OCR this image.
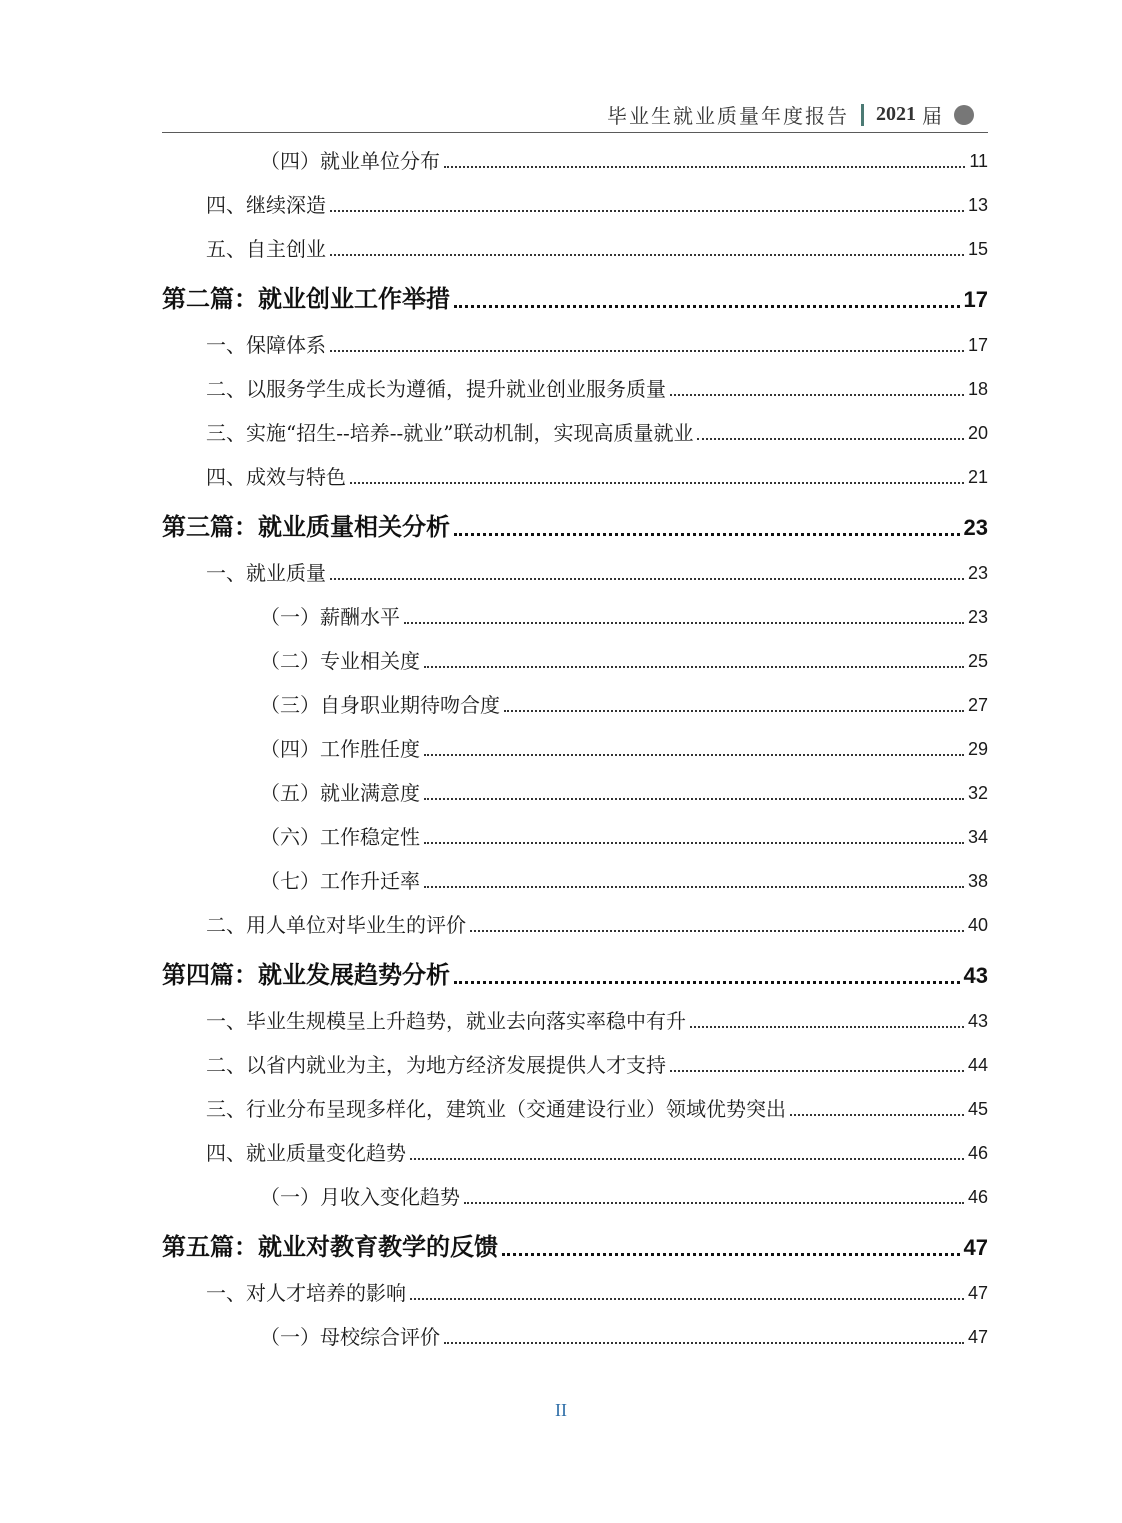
毕业生就业质量年度报告 2021 届
（四）就业单位分布	11
四、继续深造	13
五、自主创业	15
第二篇：就业创业工作举措	17
一、保障体系	17
二、以服务学生成长为遵循，提升就业创业服务质量	18
三、实施“招生--培养--就业”联动机制，实现高质量就业	20
四、成效与特色	21
第三篇：就业质量相关分析	23
一、就业质量	23
（一）薪酬水平	23
（二）专业相关度	25
（三）自身职业期待吻合度	27
（四）工作胜任度	29
（五）就业满意度	32
（六）工作稳定性	34
（七）工作升迁率	38
二、用人单位对毕业生的评价	40
第四篇：就业发展趋势分析	43
一、毕业生规模呈上升趋势，就业去向落实率稳中有升	43
二、以省内就业为主，为地方经济发展提供人才支持	44
三、行业分布呈现多样化，建筑业（交通建设行业）领域优势突出	45
四、就业质量变化趋势	46
（一）月收入变化趋势	46
第五篇：就业对教育教学的反馈	47
一、对人才培养的影响	47
（一）母校综合评价	47
II
